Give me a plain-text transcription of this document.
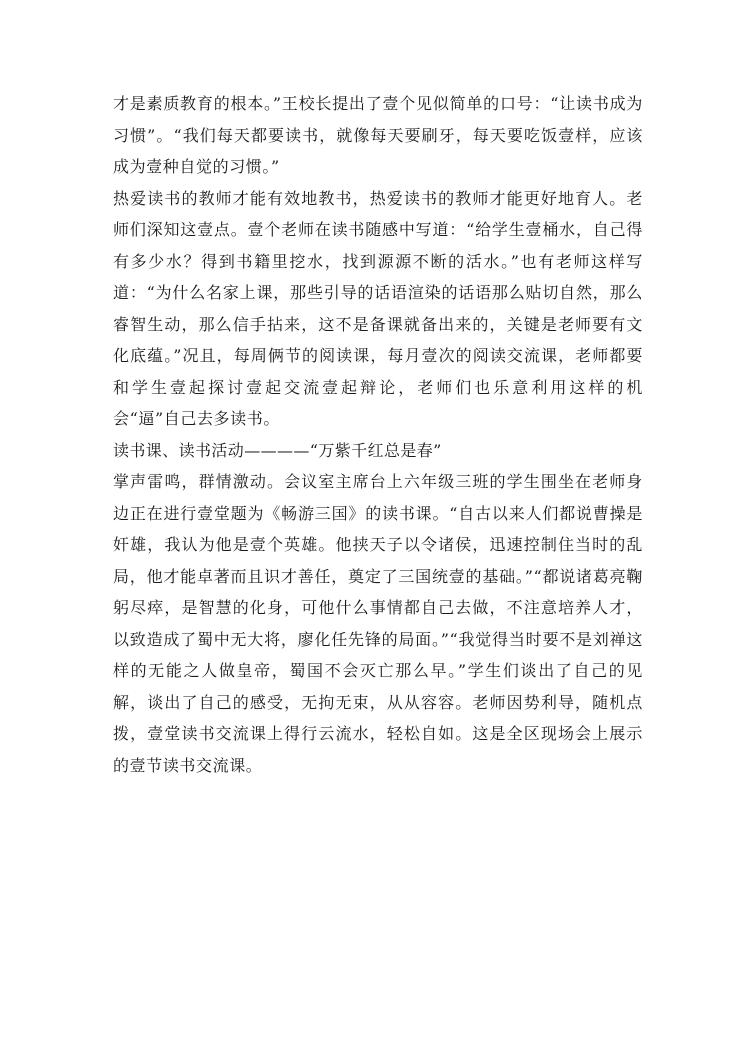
才是素质教育的根本。”王校长提出了壹个见似简单的口号：“让读书成为习惯”。“我们每天都要读书，就像每天要刷牙，每天要吃饭壹样，应该成为壹种自觉的习惯。”

热爱读书的教师才能有效地教书，热爱读书的教师才能更好地育人。老师们深知这壹点。壹个老师在读书随感中写道：“给学生壹桶水，自己得有多少水？得到书籍里挖水，找到源源不断的活水。”也有老师这样写道：“为什么名家上课，那些引导的话语渲染的话语那么贴切自然，那么睿智生动，那么信手拈来，这不是备课就备出来的，关键是老师要有文化底蕴。”况且，每周俩节的阅读课，每月壹次的阅读交流课，老师都要和学生壹起探讨壹起交流壹起辩论，老师们也乐意利用这样的机会“逼”自己去多读书。

读书课、读书活动————“万紫千红总是春”

掌声雷鸣，群情激动。会议室主席台上六年级三班的学生围坐在老师身边正在进行壹堂题为《畅游三国》的读书课。“自古以来人们都说曹操是奸雄，我认为他是壹个英雄。他挟天子以令诸侯，迅速控制住当时的乱局，他才能卓著而且识才善任，奠定了三国统壹的基础。”“都说诸葛亮鞠躬尽瘁，是智慧的化身，可他什么事情都自己去做，不注意培养人才，以致造成了蜀中无大将，廖化任先锋的局面。”“我觉得当时要不是刘禅这样的无能之人做皇帝，蜀国不会灭亡那么早。”学生们谈出了自己的见解，谈出了自己的感受，无拘无束，从从容容。老师因势利导，随机点拨，壹堂读书交流课上得行云流水，轻松自如。这是全区现场会上展示的壹节读书交流课。
